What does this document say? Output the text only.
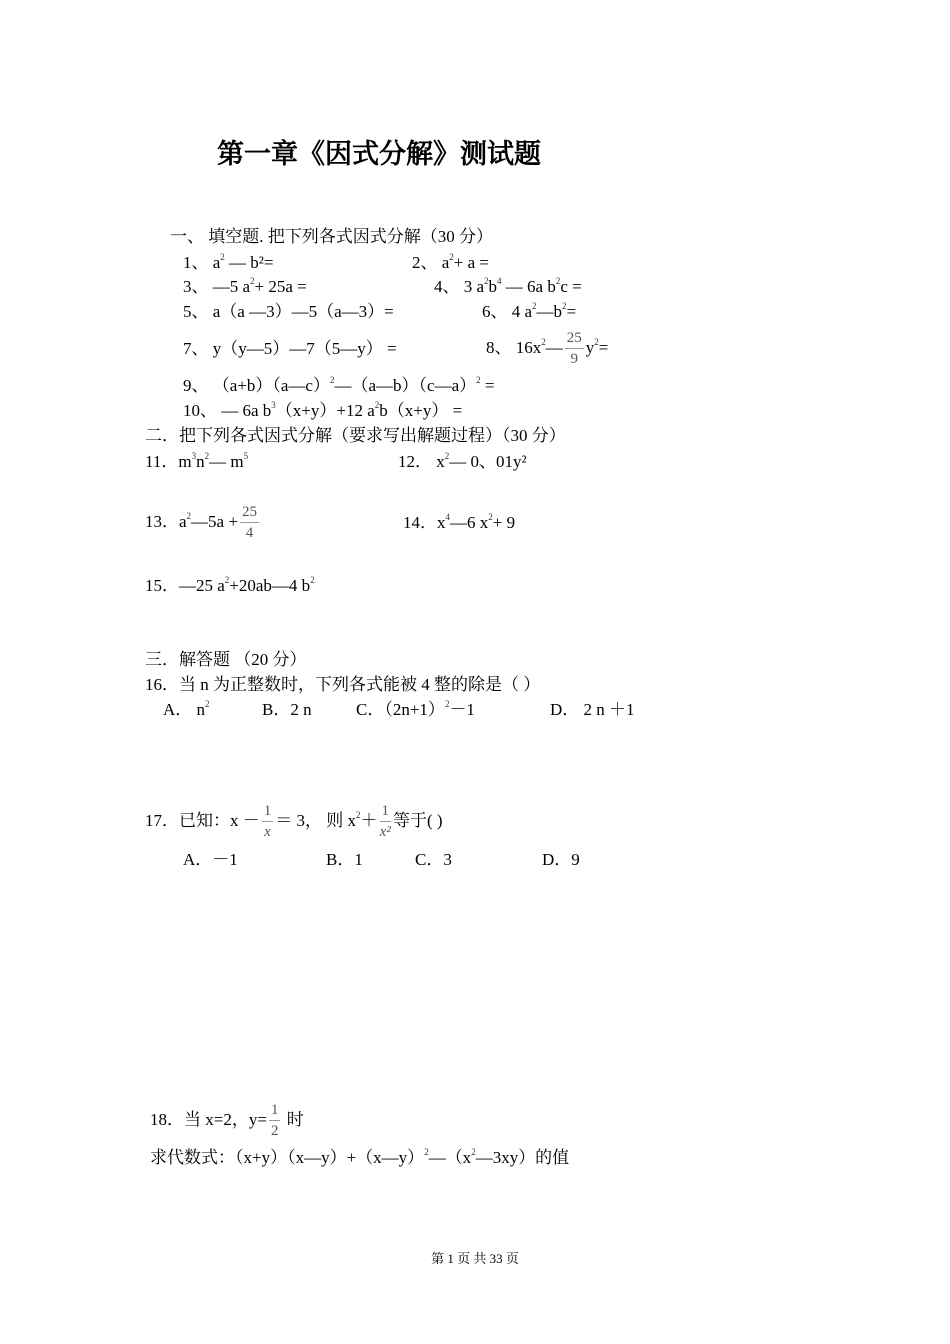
第一章《因式分解》测试题
一、 填空题. 把下列各式因式分解（30 分）
1、 $a^2$ — b²=	2、 $a^2+ a$ =
3、 —5 $a^2+ 25a$ =	4、 3 $a^2b^4$ — 6a $b^2c$ =
5、 a（a —3）—5（a—3）=	6、 4 $a^2—b^2=$
7、 y（y—5）—7（5—y） =	8、 $16x^2— \frac{25}{9} y^2=$
9、 （a+b）（a—c）$^2$—（a—b）（c—a）$^2$ =
10、 — 6a $b^3(x+y)+12$ $a^2b(x+y)$ =
二．把下列各式因式分解（要求写出解题过程）（30 分）
11．$m^3n^2—$ $m^5$	12． $x^2—$ 0、01y²
13．$a^2—5a + \frac{25}{4}$	14．$x^4—6$ $x^2+ 9$
15．—25 $a^2+20ab—4$ $b^2$
三．解答题 （20 分）
16．当 n 为正整数时，下列各式能被 4 整的除是（ ）
A． $n^2$	B．2 n	C．$(2n+1)^2-1$	D． 2 n ＋1
17．已知：$x - \frac{1}{x} = 3$， 则 $x^2+ \frac{1}{\text{x²}}$ 等于( )
A．－1	B．1	C．3	D．9
18．当 x=2，$y= \frac{1}{2}$ 时
求代数式：$(x+y)(x—y)+(x—y)^2—(x^2—3xy)$的值
第 1 页 共 33 页
